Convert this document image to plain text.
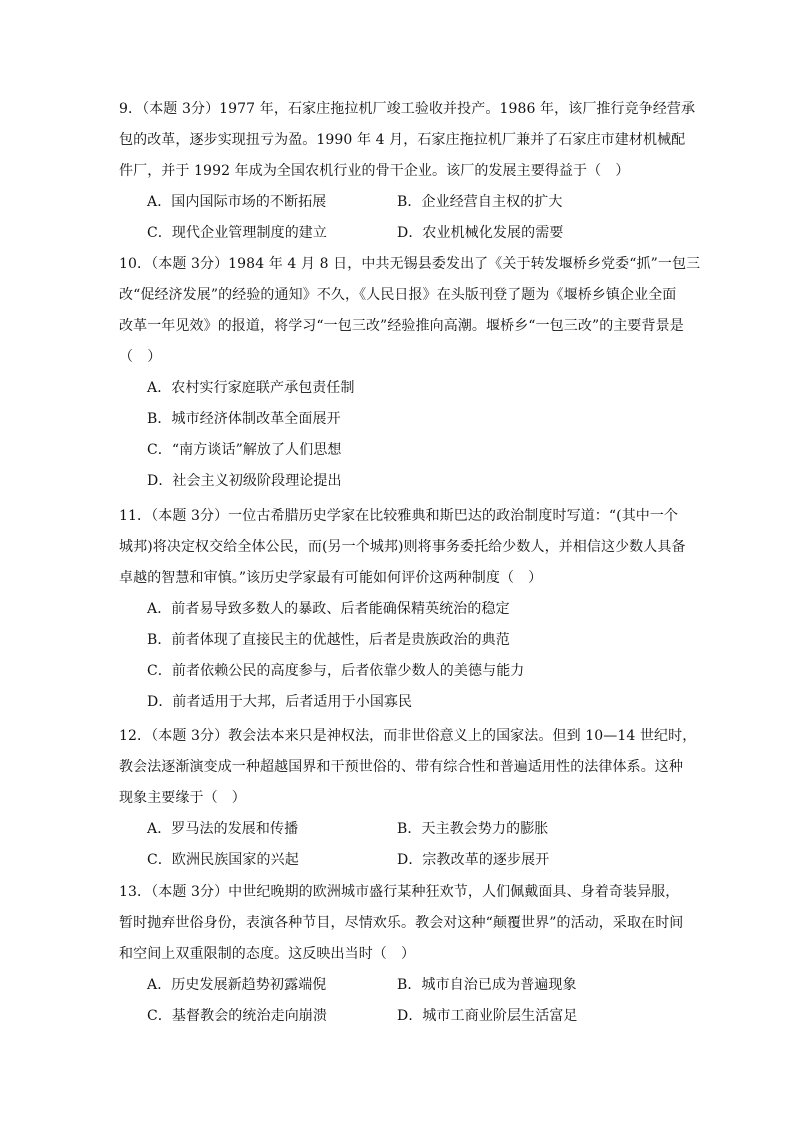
9．（本题 3分）1977 年，石家庄拖拉机厂竣工验收并投产。1986 年，该厂推行竞争经营承
包的改革，逐步实现扭亏为盈。1990 年 4 月，石家庄拖拉机厂兼并了石家庄市建材机械配
件厂，并于 1992 年成为全国农机行业的骨干企业。该厂的发展主要得益于（　）
A．国内国际市场的不断拓展	B．企业经营自主权的扩大
C．现代企业管理制度的建立	D．农业机械化发展的需要
10．（本题 3分）1984 年 4 月 8 日，中共无锡县委发出了《关于转发堰桥乡党委“抓”一包三
改“促经济发展”的经验的通知》不久，《人民日报》在头版刊登了题为《堰桥乡镇企业全面
改革一年见效》的报道，将学习“一包三改”经验推向高潮。堰桥乡“一包三改”的主要背景是
（　）
A．农村实行家庭联产承包责任制
B．城市经济体制改革全面展开
C．“南方谈话”解放了人们思想
D．社会主义初级阶段理论提出
11．（本题 3分）一位古希腊历史学家在比较雅典和斯巴达的政治制度时写道：“(其中一个
城邦)将决定权交给全体公民，而(另一个城邦)则将事务委托给少数人，并相信这少数人具备
卓越的智慧和审慎。”该历史学家最有可能如何评价这两种制度（　）
A．前者易导致多数人的暴政、后者能确保精英统治的稳定
B．前者体现了直接民主的优越性，后者是贵族政治的典范
C．前者依赖公民的高度参与，后者依靠少数人的美德与能力
D．前者适用于大邦，后者适用于小国寡民
12．（本题 3分）教会法本来只是神权法，而非世俗意义上的国家法。但到 10—14 世纪时，
教会法逐渐演变成一种超越国界和干预世俗的、带有综合性和普遍适用性的法律体系。这种
现象主要缘于（　）
A．罗马法的发展和传播	B．天主教会势力的膨胀
C．欧洲民族国家的兴起	D．宗教改革的逐步展开
13．（本题 3分）中世纪晚期的欧洲城市盛行某种狂欢节，人们佩戴面具、身着奇装异服，
暂时抛弃世俗身份，表演各种节目，尽情欢乐。教会对这种“颠覆世界”的活动，采取在时间
和空间上双重限制的态度。这反映出当时（　）
A．历史发展新趋势初露端倪	B．城市自治已成为普遍现象
C．基督教会的统治走向崩溃	D．城市工商业阶层生活富足
